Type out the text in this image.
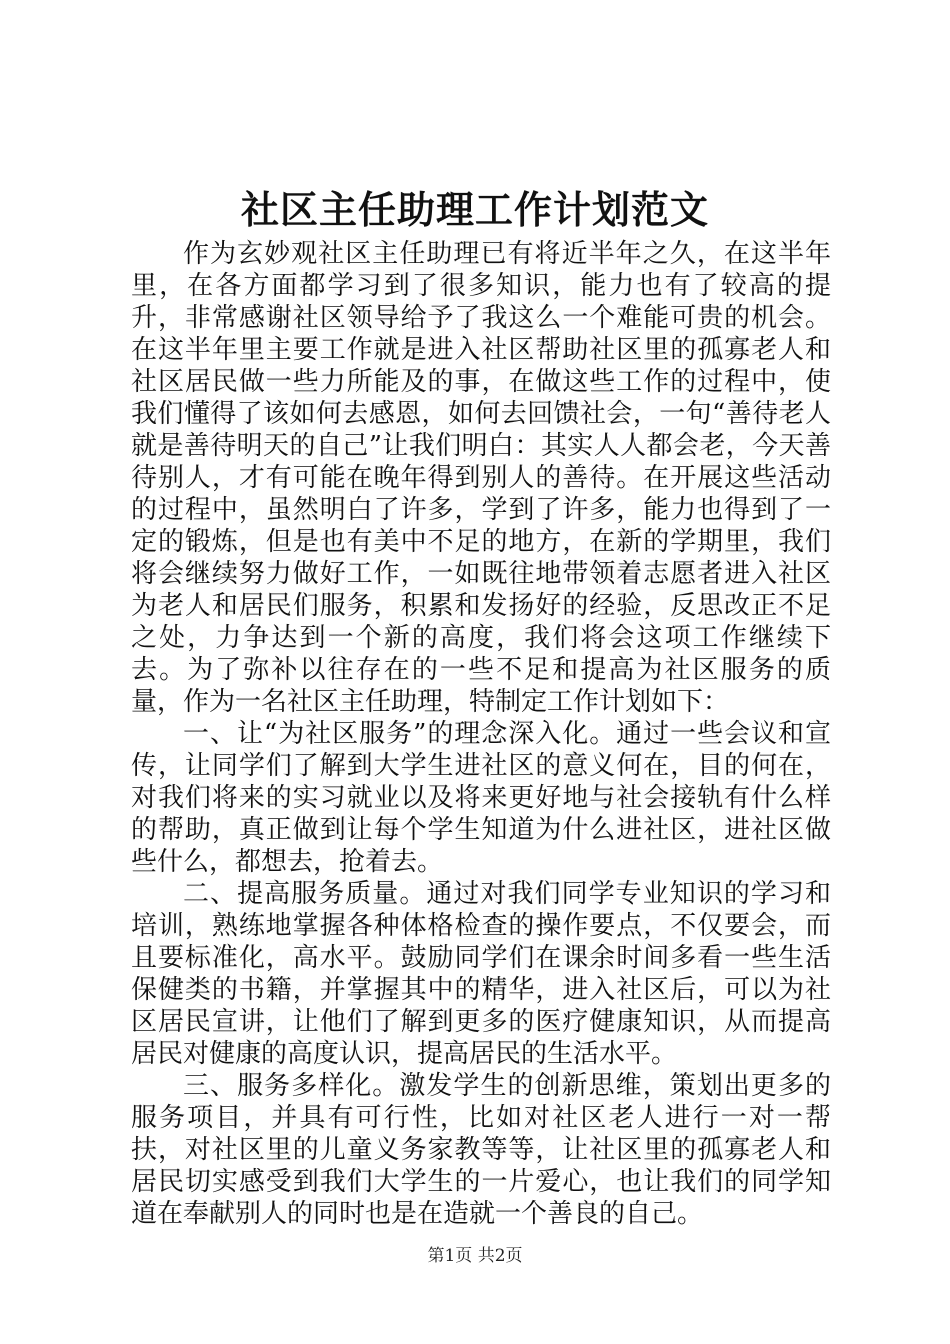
社区主任助理工作计划范文

作为玄妙观社区主任助理已有将近半年之久，在这半年里，在各方面都学习到了很多知识，能力也有了较高的提升，非常感谢社区领导给予了我这么一个难能可贵的机会。在这半年里主要工作就是进入社区帮助社区里的孤寡老人和社区居民做一些力所能及的事，在做这些工作的过程中，使我们懂得了该如何去感恩，如何去回馈社会，一句“善待老人就是善待明天的自己”让我们明白：其实人人都会老，今天善待别人，才有可能在晚年得到别人的善待。在开展这些活动的过程中，虽然明白了许多，学到了许多，能力也得到了一定的锻炼，但是也有美中不足的地方，在新的学期里，我们将会继续努力做好工作，一如既往地带领着志愿者进入社区为老人和居民们服务，积累和发扬好的经验，反思改正不足之处，力争达到一个新的高度，我们将会这项工作继续下去。为了弥补以往存在的一些不足和提高为社区服务的质量，作为一名社区主任助理，特制定工作计划如下：

一、让“为社区服务”的理念深入化。通过一些会议和宣传，让同学们了解到大学生进社区的意义何在，目的何在，对我们将来的实习就业以及将来更好地与社会接轨有什么样的帮助，真正做到让每个学生知道为什么进社区，进社区做些什么，都想去，抢着去。

二、提高服务质量。通过对我们同学专业知识的学习和培训，熟练地掌握各种体格检查的操作要点，不仅要会，而且要标准化，高水平。鼓励同学们在课余时间多看一些生活保健类的书籍，并掌握其中的精华，进入社区后，可以为社区居民宣讲，让他们了解到更多的医疗健康知识，从而提高居民对健康的高度认识，提高居民的生活水平。

三、服务多样化。激发学生的创新思维，策划出更多的服务项目，并具有可行性，比如对社区老人进行一对一帮扶，对社区里的儿童义务家教等等，让社区里的孤寡老人和居民切实感受到我们大学生的一片爱心，也让我们的同学知道在奉献别人的同时也是在造就一个善良的自己。

第1页 共2页
